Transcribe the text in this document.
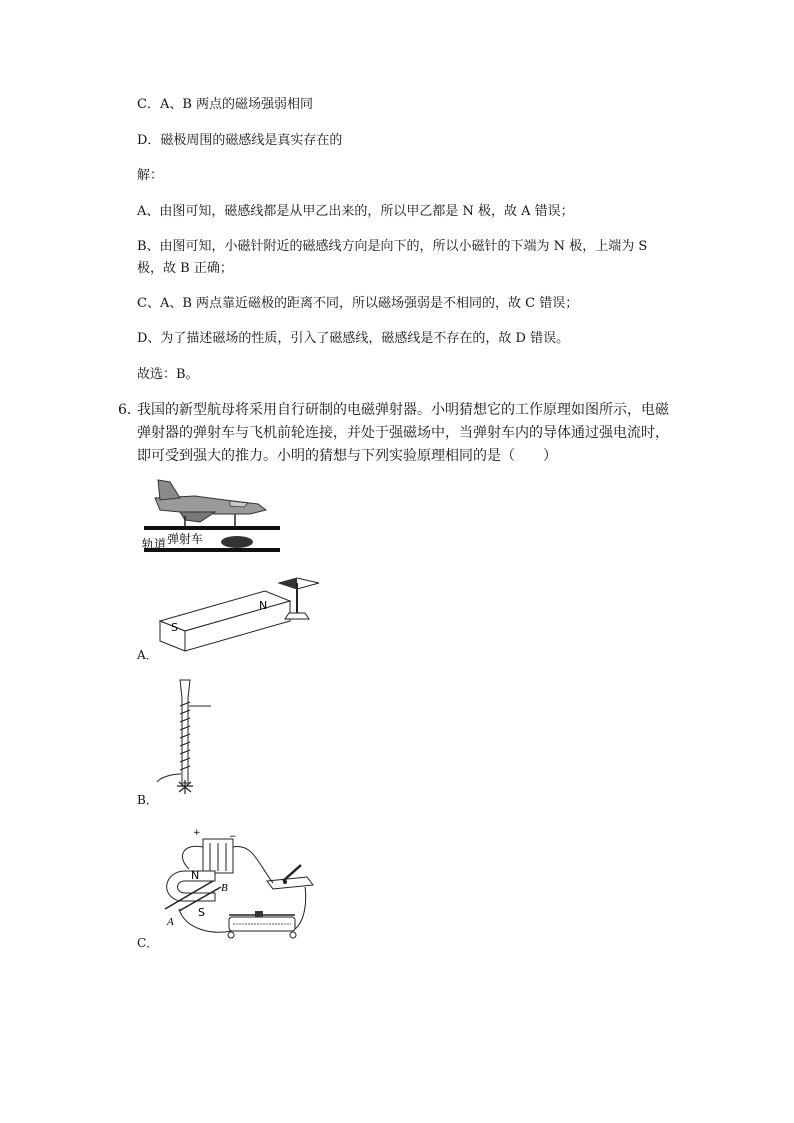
C．A、B 两点的磁场强弱相同
D．磁极周围的磁感线是真实存在的
解：
A、由图可知，磁感线都是从甲乙出来的，所以甲乙都是 N 极，故 A 错误；
B、由图可知，小磁针附近的磁感线方向是向下的，所以小磁针的下端为 N 极，上端为 S
极，故 B 正确；
C、A、B 两点靠近磁极的距离不同，所以磁场强弱是不相同的，故 C 错误；
D、为了描述磁场的性质，引入了磁感线，磁感线是不存在的，故 D 错误。
故选：B。
6．
我国的新型航母将采用自行研制的电磁弹射器。小明猜想它的工作原理如图所示，电磁弹射器的弹射车与飞机前轮连接，并处于强磁场中，当弹射车内的导体通过强电流时，即可受到强大的推力。小明的猜想与下列实验原理相同的是（　　）
轨道 弹射车
S
N
A．
B．
+	−
N
S
A
B
C．
